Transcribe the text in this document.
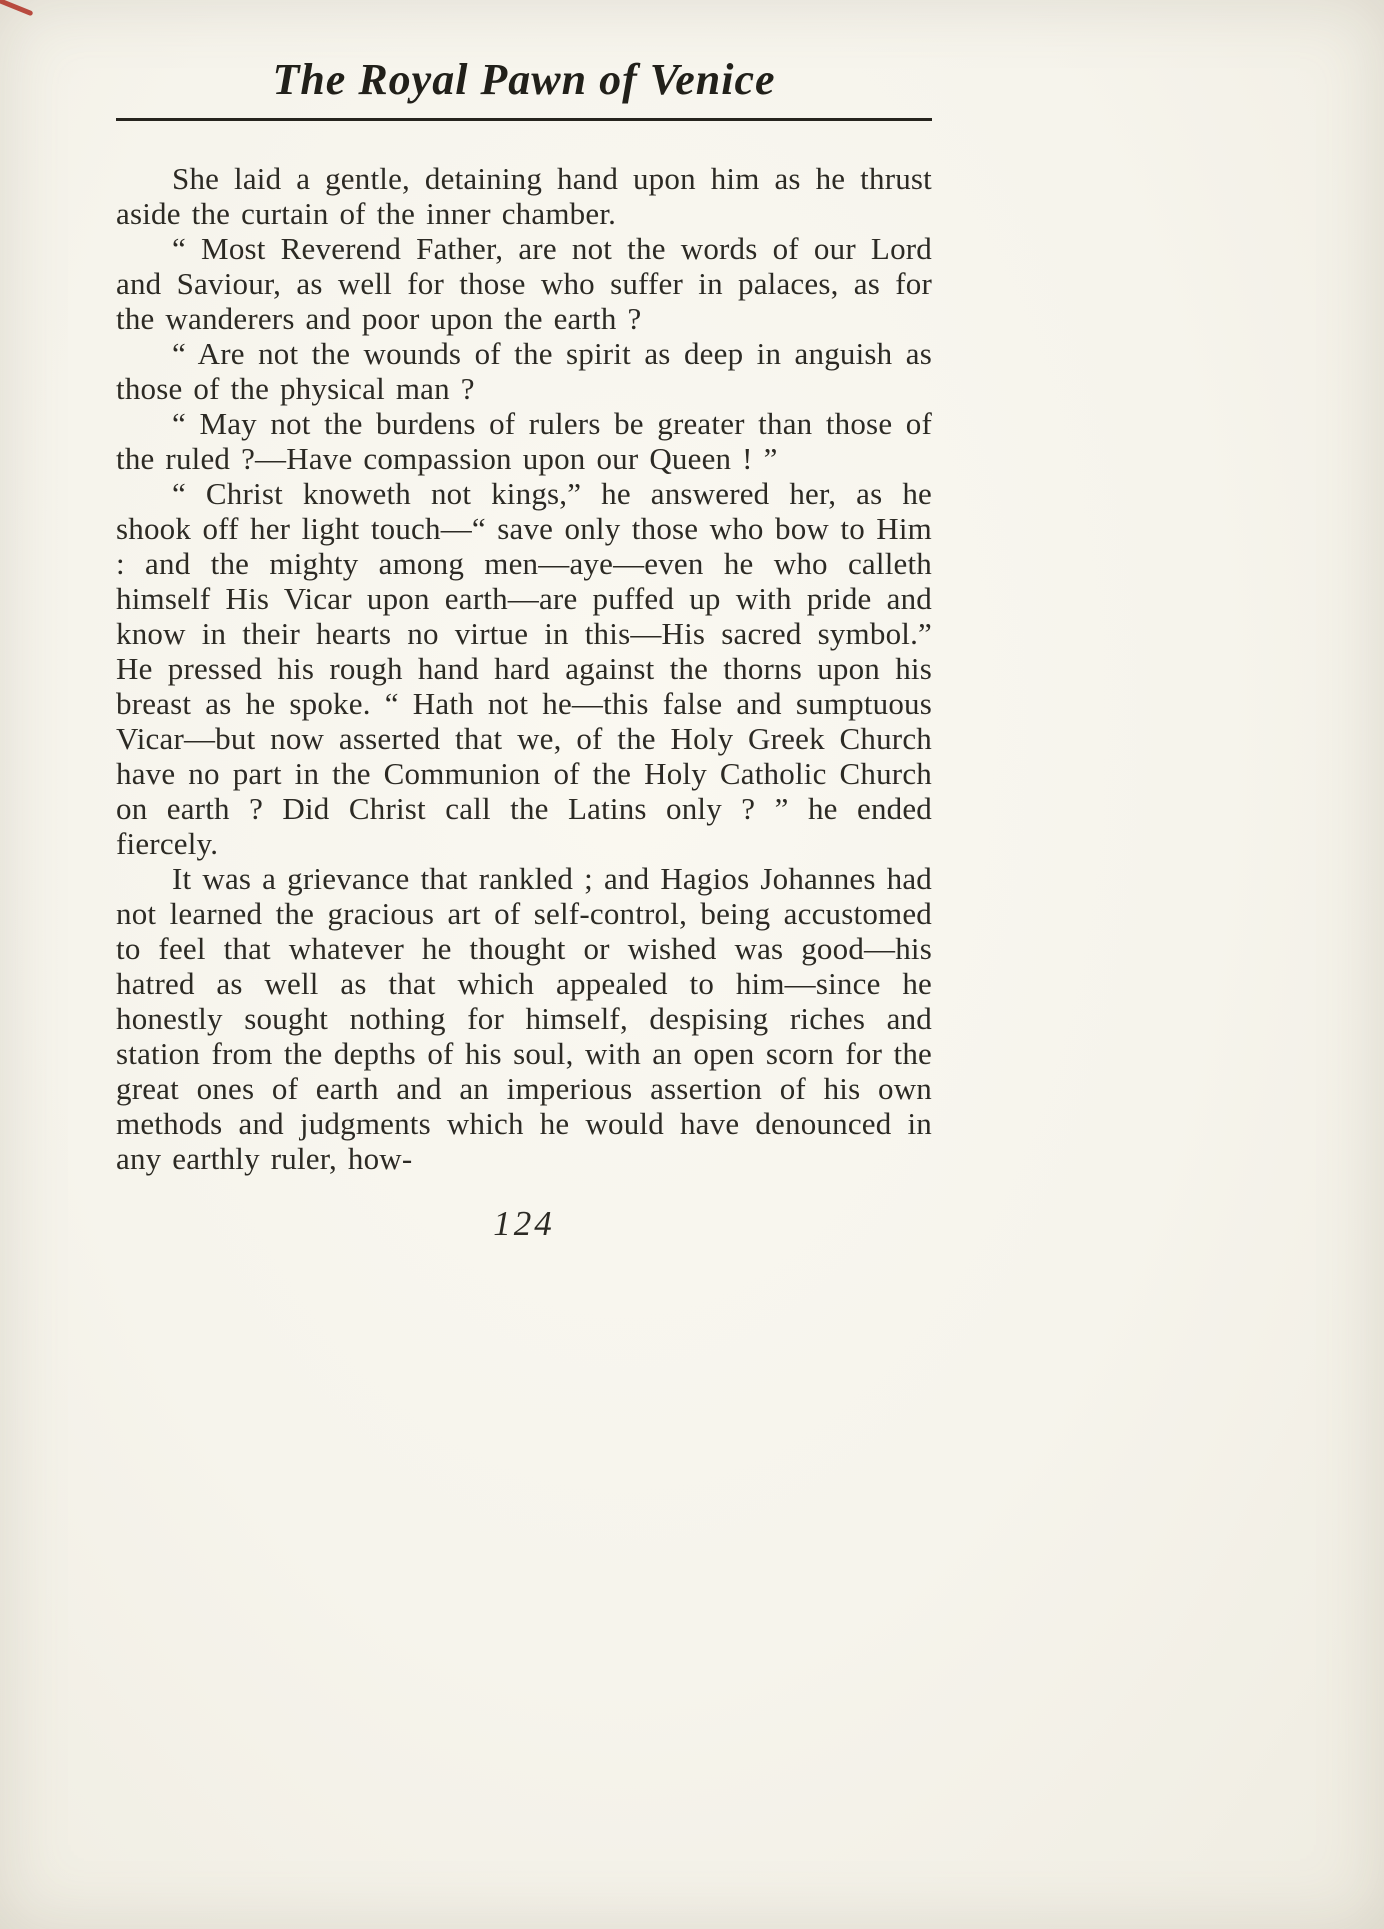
The Royal Pawn of Venice

She laid a gentle, detaining hand upon him as he thrust aside the curtain of the inner chamber.

“ Most Reverend Father, are not the words of our Lord and Saviour, as well for those who suffer in palaces, as for the wanderers and poor upon the earth ?

“ Are not the wounds of the spirit as deep in anguish as those of the physical man ?

“ May not the burdens of rulers be greater than those of the ruled ?—Have compassion upon our Queen ! ”

“ Christ knoweth not kings,” he answered her, as he shook off her light touch—“ save only those who bow to Him : and the mighty among men—aye—even he who calleth himself His Vicar upon earth—are puffed up with pride and know in their hearts no virtue in this—His sacred symbol.” He pressed his rough hand hard against the thorns upon his breast as he spoke. “ Hath not he—this false and sumptuous Vicar—but now asserted that we, of the Holy Greek Church have no part in the Communion of the Holy Catholic Church on earth ? Did Christ call the Latins only ? ” he ended fiercely.

It was a grievance that rankled ; and Hagios Johannes had not learned the gracious art of self-control, being accustomed to feel that whatever he thought or wished was good—his hatred as well as that which appealed to him—since he honestly sought nothing for himself, despising riches and station from the depths of his soul, with an open scorn for the great ones of earth and an imperious assertion of his own methods and judgments which he would have denounced in any earthly ruler, how-

124
